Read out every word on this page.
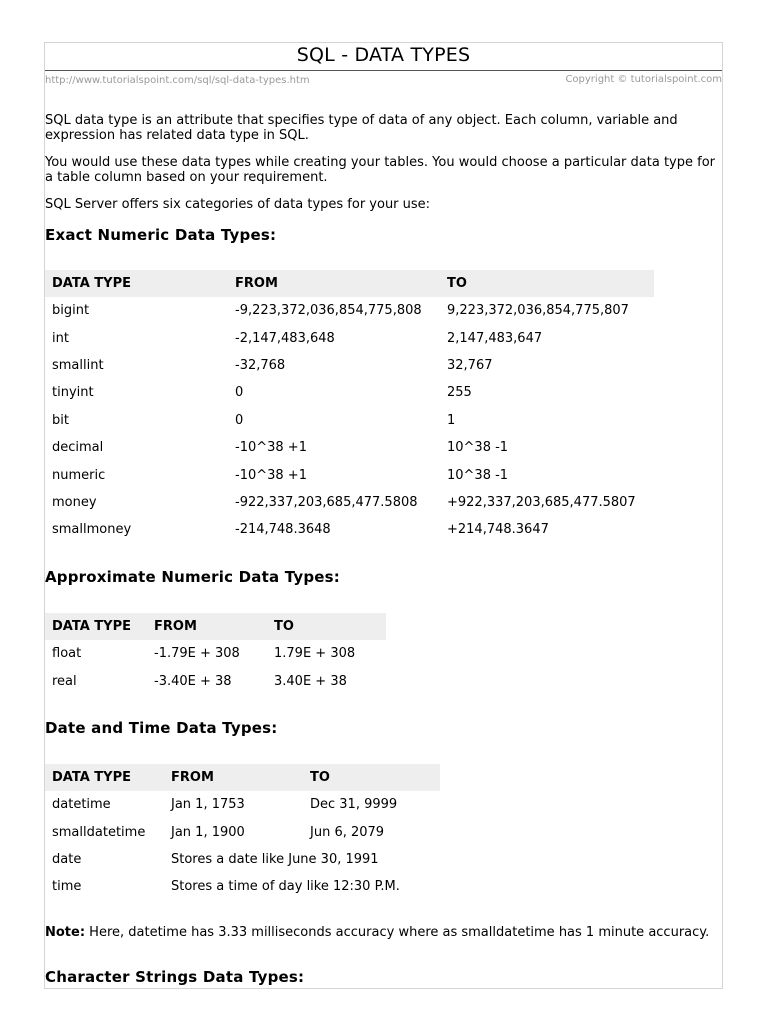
SQL - DATA TYPES
http://www.tutorialspoint.com/sql/sql-data-types.htm	Copyright © tutorialspoint.com
SQL data type is an attribute that specifies type of data of any object. Each column, variable and expression has related data type in SQL.
You would use these data types while creating your tables. You would choose a particular data type for a table column based on your requirement.
SQL Server offers six categories of data types for your use:
Exact Numeric Data Types:
DATA TYPE	FROM	TO
bigint	-9,223,372,036,854,775,808	9,223,372,036,854,775,807
int	-2,147,483,648	2,147,483,647
smallint	-32,768	32,767
tinyint	0	255
bit	0	1
decimal	-10^38 +1	10^38 -1
numeric	-10^38 +1	10^38 -1
money	-922,337,203,685,477.5808	+922,337,203,685,477.5807
smallmoney	-214,748.3648	+214,748.3647
Approximate Numeric Data Types:
DATA TYPE	FROM	TO
float	-1.79E + 308	1.79E + 308
real	-3.40E + 38	3.40E + 38
Date and Time Data Types:
DATA TYPE	FROM	TO
datetime	Jan 1, 1753	Dec 31, 9999
smalldatetime	Jan 1, 1900	Jun 6, 2079
date	Stores a date like June 30, 1991	
time	Stores a time of day like 12:30 P.M.	
Note: Here, datetime has 3.33 milliseconds accuracy where as smalldatetime has 1 minute accuracy.
Character Strings Data Types:
